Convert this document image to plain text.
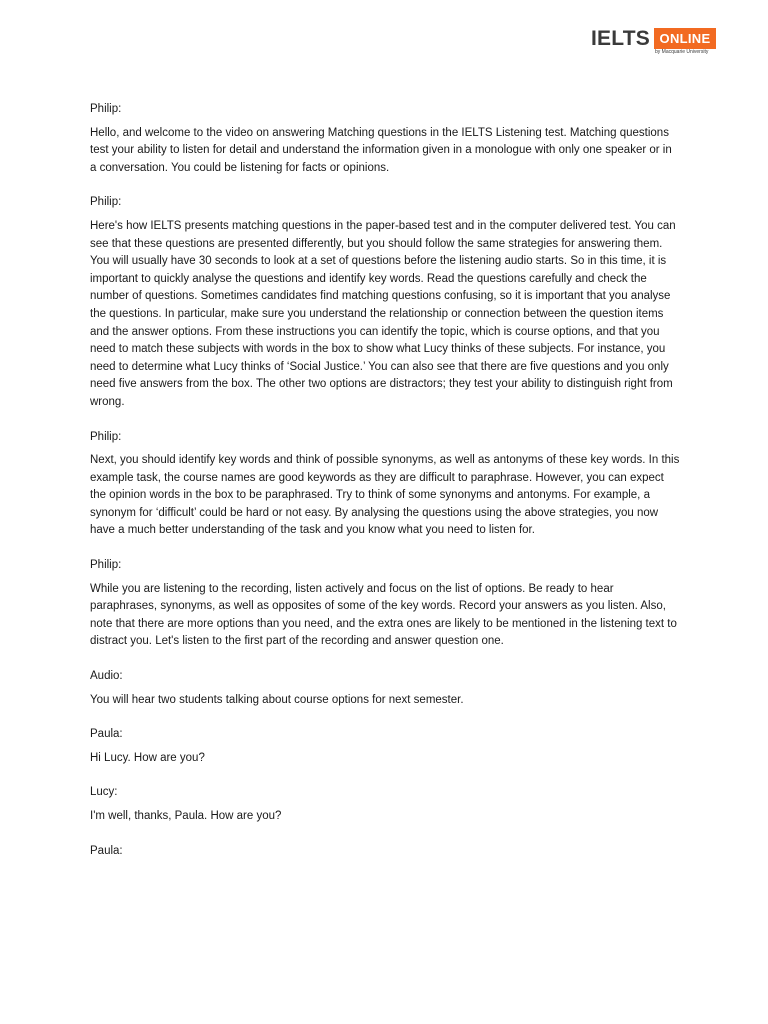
IELTS ONLINE
by Macquarie University

Philip:

Hello, and welcome to the video on answering Matching questions in the IELTS Listening test. Matching questions test your ability to listen for detail and understand the information given in a monologue with only one speaker or in a conversation. You could be listening for facts or opinions.

Philip:

Here's how IELTS presents matching questions in the paper-based test and in the computer delivered test. You can see that these questions are presented differently, but you should follow the same strategies for answering them. You will usually have 30 seconds to look at a set of questions before the listening audio starts. So in this time, it is important to quickly analyse the questions and identify key words. Read the questions carefully and check the number of questions. Sometimes candidates find matching questions confusing, so it is important that you analyse the questions. In particular, make sure you understand the relationship or connection between the question items and the answer options. From these instructions you can identify the topic, which is course options, and that you need to match these subjects with words in the box to show what Lucy thinks of these subjects. For instance, you need to determine what Lucy thinks of ‘Social Justice.’ You can also see that there are five questions and you only need five answers from the box. The other two options are distractors; they test your ability to distinguish right from wrong.

Philip:

Next, you should identify key words and think of possible synonyms, as well as antonyms of these key words. In this example task, the course names are good keywords as they are difficult to paraphrase. However, you can expect the opinion words in the box to be paraphrased. Try to think of some synonyms and antonyms. For example, a synonym for ‘difficult’ could be hard or not easy. By analysing the questions using the above strategies, you now have a much better understanding of the task and you know what you need to listen for.

Philip:

While you are listening to the recording, listen actively and focus on the list of options. Be ready to hear paraphrases, synonyms, as well as opposites of some of the key words. Record your answers as you listen. Also, note that there are more options than you need, and the extra ones are likely to be mentioned in the listening text to distract you. Let's listen to the first part of the recording and answer question one.

Audio:

You will hear two students talking about course options for next semester.

Paula:

Hi Lucy. How are you?

Lucy:

I'm well, thanks, Paula. How are you?

Paula:
